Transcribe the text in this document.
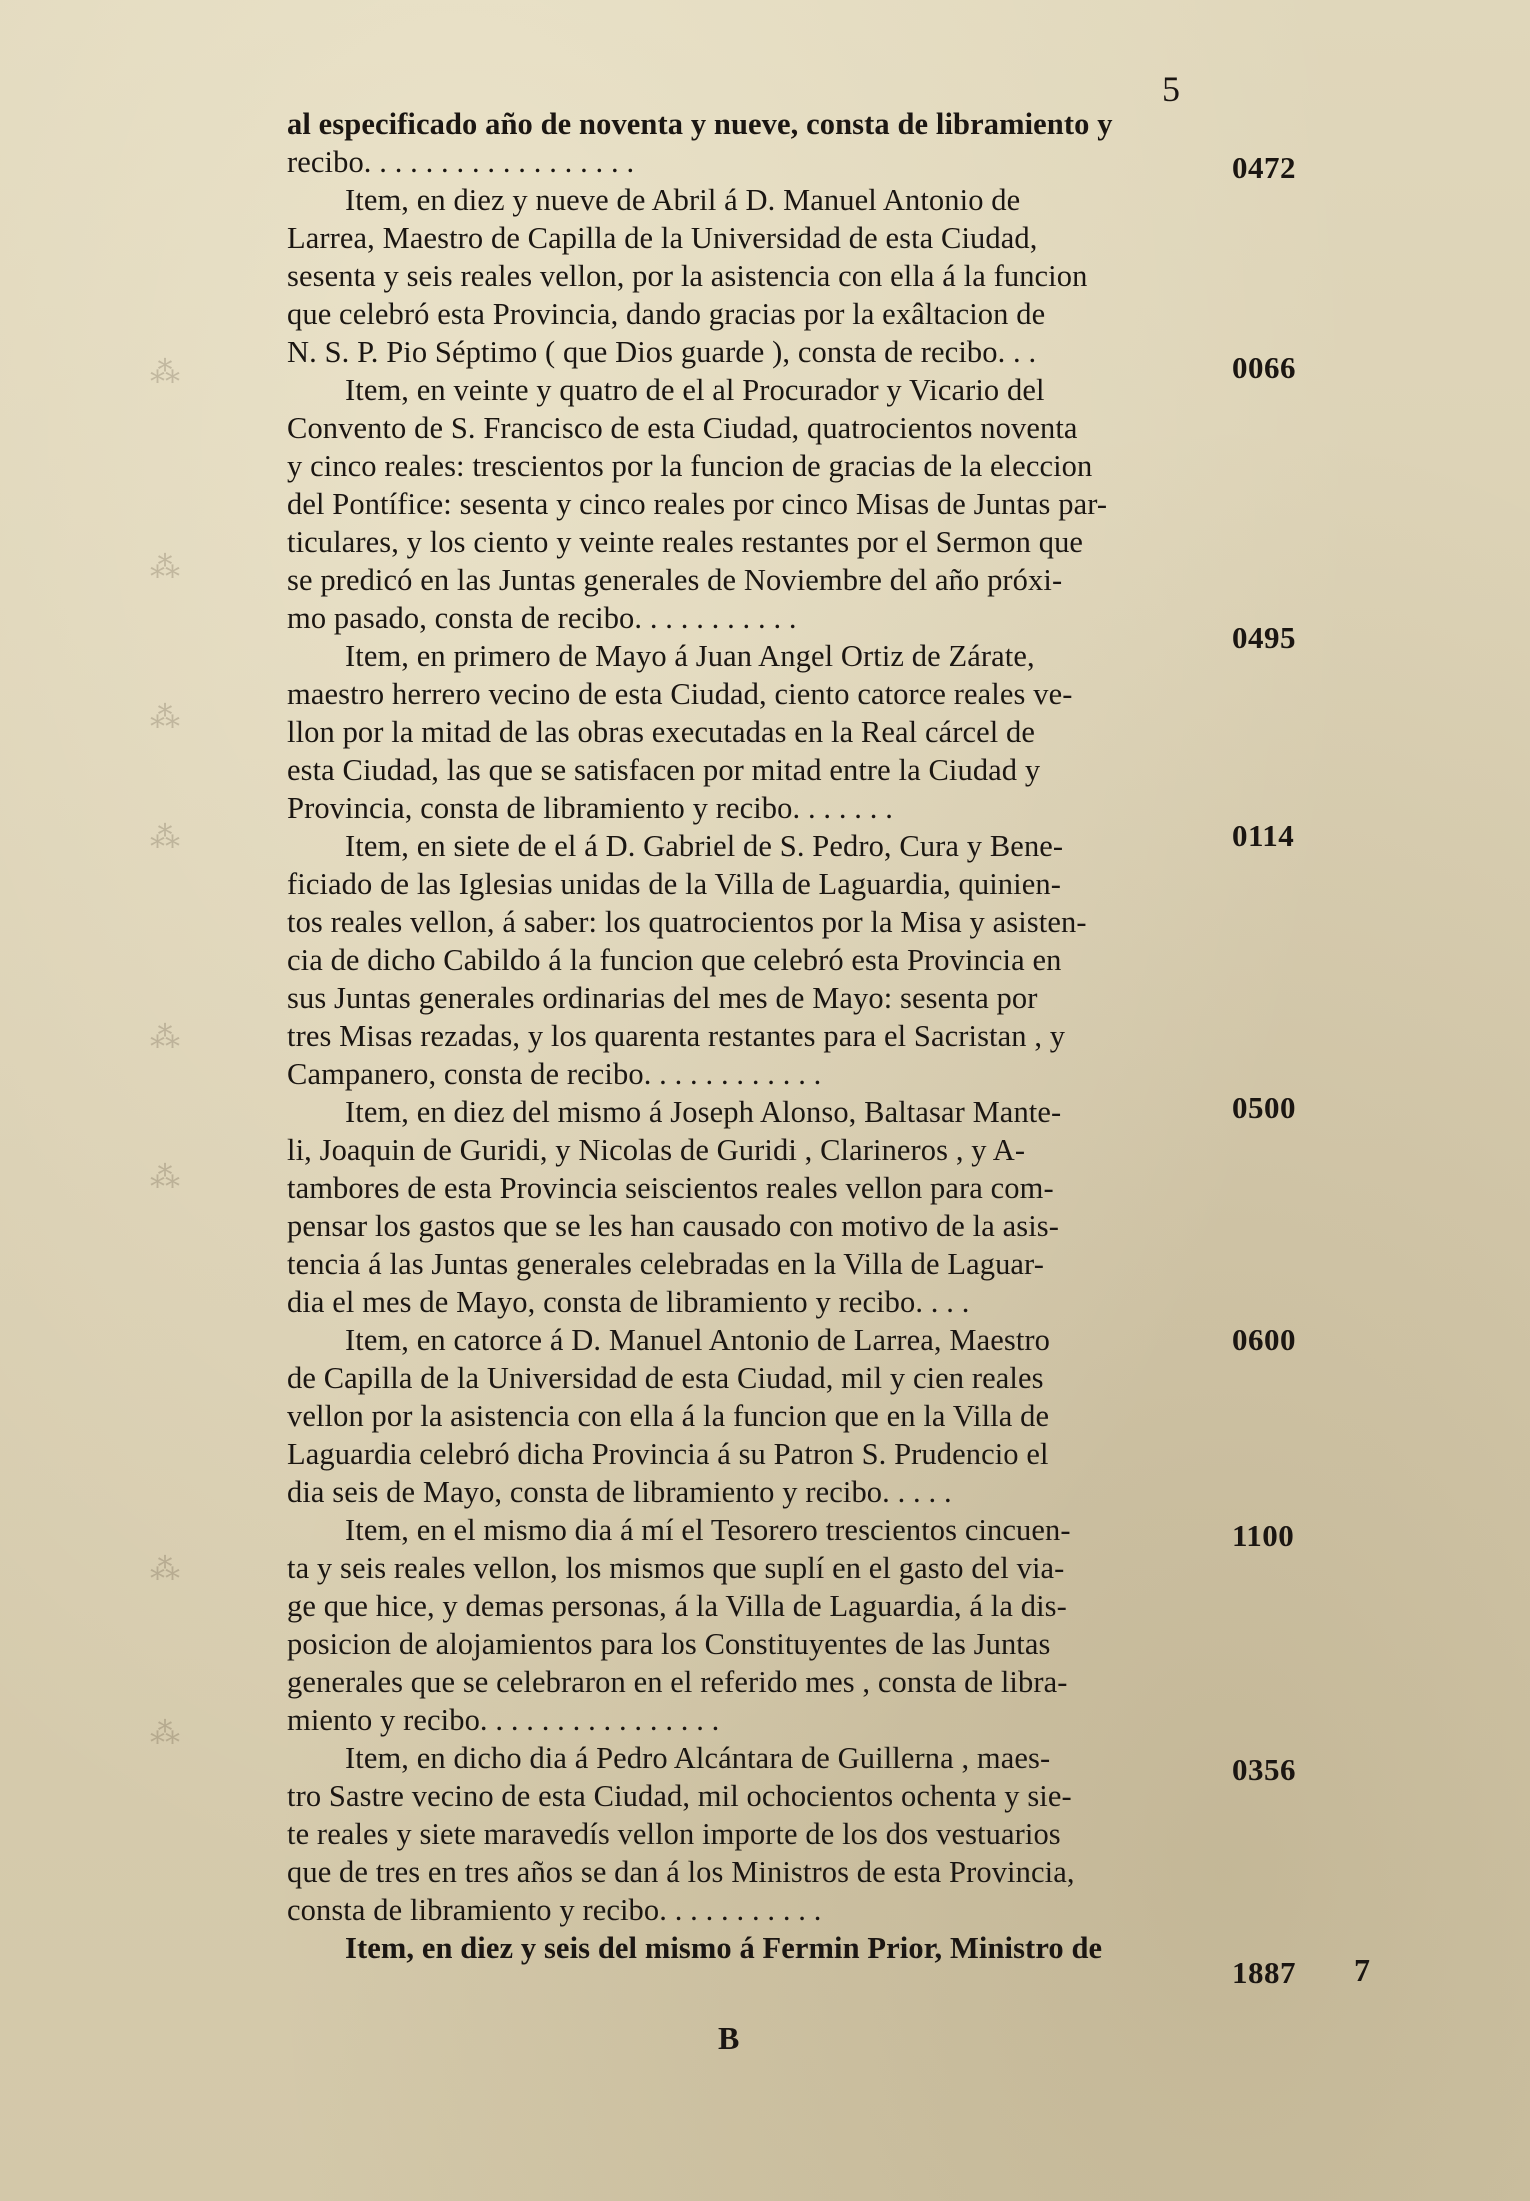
5
⁂
⁂
⁂
⁂
⁂
⁂
⁂
⁂
al especificado año de noventa y nueve, consta de libramiento y
recibo. . . . . . . . . . . . . . . . . .
Item, en diez y nueve de Abril á D. Manuel Antonio de
Larrea, Maestro de Capilla de la Universidad de esta Ciudad,
sesenta y seis reales vellon, por la asistencia con ella á la funcion
que celebró esta Provincia, dando gracias por la exâltacion de
N. S. P. Pio Séptimo ( que Dios guarde ), consta de recibo. . .
Item, en veinte y quatro de el al Procurador y Vicario del
Convento de S. Francisco de esta Ciudad, quatrocientos noventa
y cinco reales: trescientos por la funcion de gracias de la eleccion
del Pontífice: sesenta y cinco reales por cinco Misas de Juntas par-
ticulares, y los ciento y veinte reales restantes por el Sermon que
se predicó en las Juntas generales de Noviembre del año próxi-
mo pasado, consta de recibo. . . . . . . . . . .
Item, en primero de Mayo á Juan Angel Ortiz de Zárate,
maestro herrero vecino de esta Ciudad, ciento catorce reales ve-
llon por la mitad de las obras executadas en la Real cárcel de
esta Ciudad, las que se satisfacen por mitad entre la Ciudad y
Provincia, consta de libramiento y recibo. . . . . . .
Item, en siete de el á D. Gabriel de S. Pedro, Cura y Bene-
ficiado de las Iglesias unidas de la Villa de Laguardia, quinien-
tos reales vellon, á saber: los quatrocientos por la Misa y asisten-
cia de dicho Cabildo á la funcion que celebró esta Provincia en
sus Juntas generales ordinarias del mes de Mayo: sesenta por
tres Misas rezadas, y los quarenta restantes para el Sacristan , y
Campanero, consta de recibo. . . . . . . . . . . .
Item, en diez del mismo á Joseph Alonso, Baltasar Mante-
li, Joaquin de Guridi, y Nicolas de Guridi , Clarineros , y A-
tambores de esta Provincia seiscientos reales vellon para com-
pensar los gastos que se les han causado con motivo de la asis-
tencia á las Juntas generales celebradas en la Villa de Laguar-
dia el mes de Mayo, consta de libramiento y recibo. . . .
Item, en catorce á D. Manuel Antonio de Larrea, Maestro
de Capilla de la Universidad de esta Ciudad, mil y cien reales
vellon por la asistencia con ella á la funcion que en la Villa de
Laguardia celebró dicha Provincia á su Patron S. Prudencio el
dia seis de Mayo, consta de libramiento y recibo. . . . .
Item, en el mismo dia á mí el Tesorero trescientos cincuen-
ta y seis reales vellon, los mismos que suplí en el gasto del via-
ge que hice, y demas personas, á la Villa de Laguardia, á la dis-
posicion de alojamientos para los Constituyentes de las Juntas
generales que se celebraron en el referido mes , consta de libra-
miento y recibo. . . . . . . . . . . . . . . .
Item, en dicho dia á Pedro Alcántara de Guillerna , maes-
tro Sastre vecino de esta Ciudad, mil ochocientos ochenta y sie-
te reales y siete maravedís vellon importe de los dos vestuarios
que de tres en tres años se dan á los Ministros de esta Provincia,
consta de libramiento y recibo. . . . . . . . . . .
Item, en diez y seis del mismo á Fermin Prior, Ministro de
0472
0066
0495
0114
0500
0600
1100
0356
1887 7
B
